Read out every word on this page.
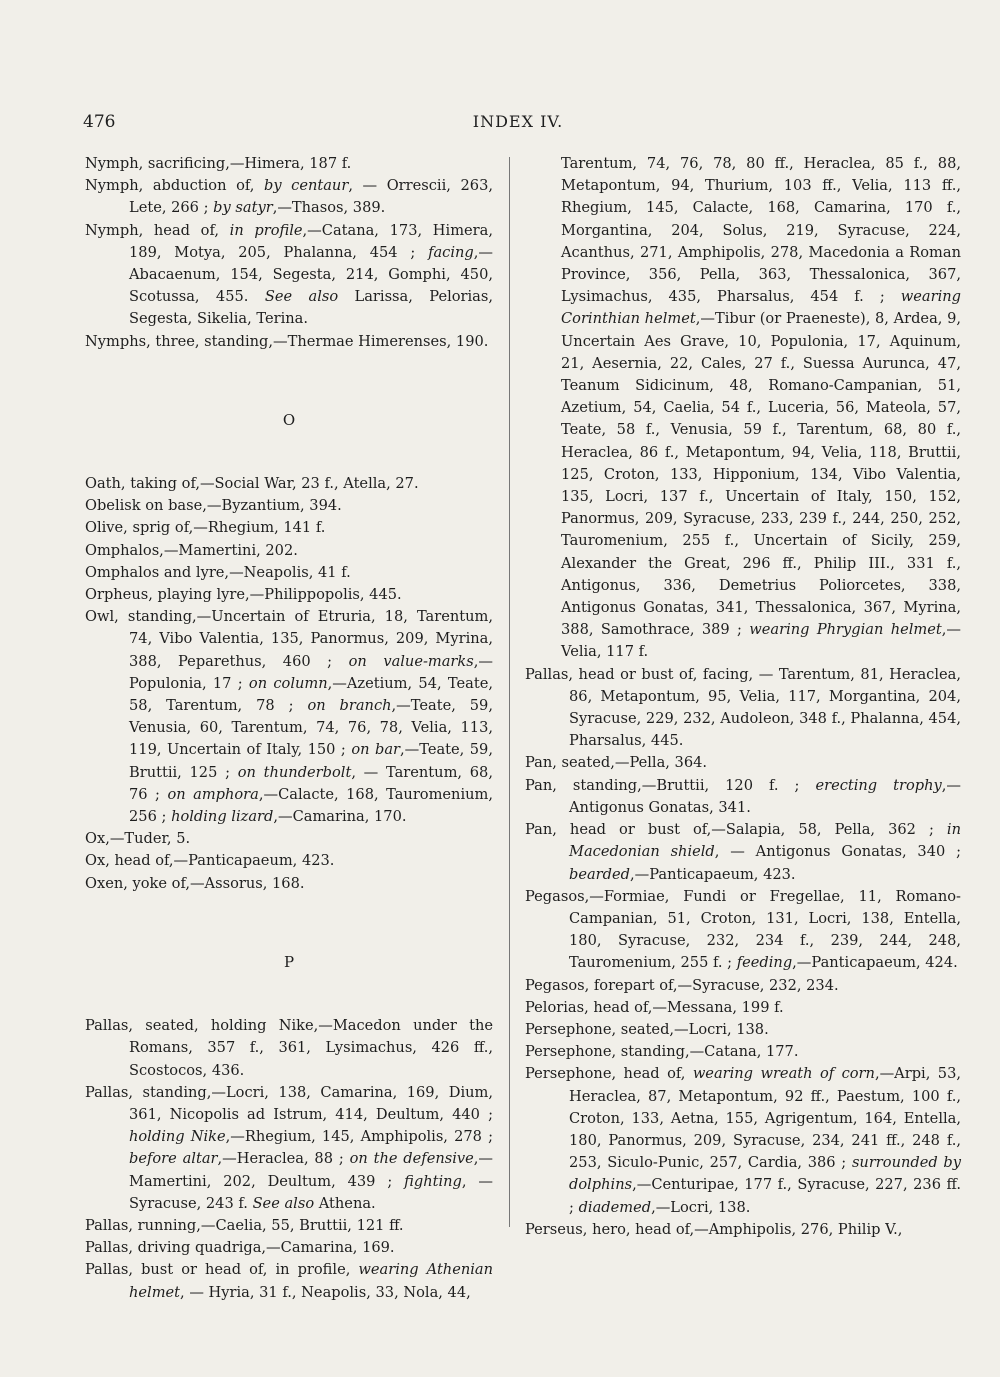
476	INDEX IV.
Nymph, sacrificing,—Himera, 187 f.
Nymph, abduction of, by centaur, — Orrescii, 263, Lete, 266 ; by satyr,—Thasos, 389.
Nymph, head of, in profile,—Catana, 173, Himera, 189, Motya, 205, Phalanna, 454 ; facing,—Abacaenum, 154, Segesta, 214, Gomphi, 450, Scotussa, 455. See also Larissa, Pelorias, Segesta, Sikelia, Terina.
Nymphs, three, standing,—Thermae Himerenses, 190.
O
Oath, taking of,—Social War, 23 f., Atella, 27.
Obelisk on base,—Byzantium, 394.
Olive, sprig of,—Rhegium, 141 f.
Omphalos,—Mamertini, 202.
Omphalos and lyre,—Neapolis, 41 f.
Orpheus, playing lyre,—Philippopolis, 445.
Owl, standing,—Uncertain of Etruria, 18, Tarentum, 74, Vibo Valentia, 135, Panormus, 209, Myrina, 388, Peparethus, 460 ; on value-marks,—Populonia, 17 ; on column,—Azetium, 54, Teate, 58, Tarentum, 78 ; on branch,—Teate, 59, Venusia, 60, Tarentum, 74, 76, 78, Velia, 113, 119, Uncertain of Italy, 150 ; on bar,—Teate, 59, Bruttii, 125 ; on thunderbolt, — Tarentum, 68, 76 ; on amphora,—Calacte, 168, Tauromenium, 256 ; holding lizard,—Camarina, 170.
Ox,—Tuder, 5.
Ox, head of,—Panticapaeum, 423.
Oxen, yoke of,—Assorus, 168.
P
Pallas, seated, holding Nike,—Macedon under the Romans, 357 f., 361, Lysimachus, 426 ff., Scostocos, 436.
Pallas, standing,—Locri, 138, Camarina, 169, Dium, 361, Nicopolis ad Istrum, 414, Deultum, 440 ; holding Nike,—Rhegium, 145, Amphipolis, 278 ; before altar,—Heraclea, 88 ; on the defensive,—Mamertini, 202, Deultum, 439 ; fighting, — Syracuse, 243 f. See also Athena.
Pallas, running,—Caelia, 55, Bruttii, 121 ff.
Pallas, driving quadriga,—Camarina, 169.
Pallas, bust or head of, in profile, wearing Athenian helmet, — Hyria, 31 f., Neapolis, 33, Nola, 44,
Tarentum, 74, 76, 78, 80 ff., Heraclea, 85 f., 88, Metapontum, 94, Thurium, 103 ff., Velia, 113 ff., Rhegium, 145, Calacte, 168, Camarina, 170 f., Morgantina, 204, Solus, 219, Syracuse, 224, Acanthus, 271, Amphipolis, 278, Macedonia a Roman Province, 356, Pella, 363, Thessalonica, 367, Lysimachus, 435, Pharsalus, 454 f. ; wearing Corinthian helmet,—Tibur (or Praeneste), 8, Ardea, 9, Uncertain Aes Grave, 10, Populonia, 17, Aquinum, 21, Aesernia, 22, Cales, 27 f., Suessa Aurunca, 47, Teanum Sidicinum, 48, Romano-Campanian, 51, Azetium, 54, Caelia, 54 f., Luceria, 56, Mateola, 57, Teate, 58 f., Venusia, 59 f., Tarentum, 68, 80 f., Heraclea, 86 f., Metapontum, 94, Velia, 118, Bruttii, 125, Croton, 133, Hipponium, 134, Vibo Valentia, 135, Locri, 137 f., Uncertain of Italy, 150, 152, Panormus, 209, Syracuse, 233, 239 f., 244, 250, 252, Tauromenium, 255 f., Uncertain of Sicily, 259, Alexander the Great, 296 ff., Philip III., 331 f., Antigonus, 336, Demetrius Poliorcetes, 338, Antigonus Gonatas, 341, Thessalonica, 367, Myrina, 388, Samothrace, 389 ; wearing Phrygian helmet,—Velia, 117 f.
Pallas, head or bust of, facing, — Tarentum, 81, Heraclea, 86, Metapontum, 95, Velia, 117, Morgantina, 204, Syracuse, 229, 232, Audoleon, 348 f., Phalanna, 454, Pharsalus, 445.
Pan, seated,—Pella, 364.
Pan, standing,—Bruttii, 120 f. ; erecting trophy,—Antigonus Gonatas, 341.
Pan, head or bust of,—Salapia, 58, Pella, 362 ; in Macedonian shield, — Antigonus Gonatas, 340 ; bearded,—Panticapaeum, 423.
Pegasos,—Formiae, Fundi or Fregellae, 11, Romano-Campanian, 51, Croton, 131, Locri, 138, Entella, 180, Syracuse, 232, 234 f., 239, 244, 248, Tauromenium, 255 f. ; feeding,—Panticapaeum, 424.
Pegasos, forepart of,—Syracuse, 232, 234.
Pelorias, head of,—Messana, 199 f.
Persephone, seated,—Locri, 138.
Persephone, standing,—Catana, 177.
Persephone, head of, wearing wreath of corn,—Arpi, 53, Heraclea, 87, Metapontum, 92 ff., Paestum, 100 f., Croton, 133, Aetna, 155, Agrigentum, 164, Entella, 180, Panormus, 209, Syracuse, 234, 241 ff., 248 f., 253, Siculo-Punic, 257, Cardia, 386 ; surrounded by dolphins,—Centuripae, 177 f., Syracuse, 227, 236 ff. ; diademed,—Locri, 138.
Perseus, hero, head of,—Amphipolis, 276, Philip V.,
